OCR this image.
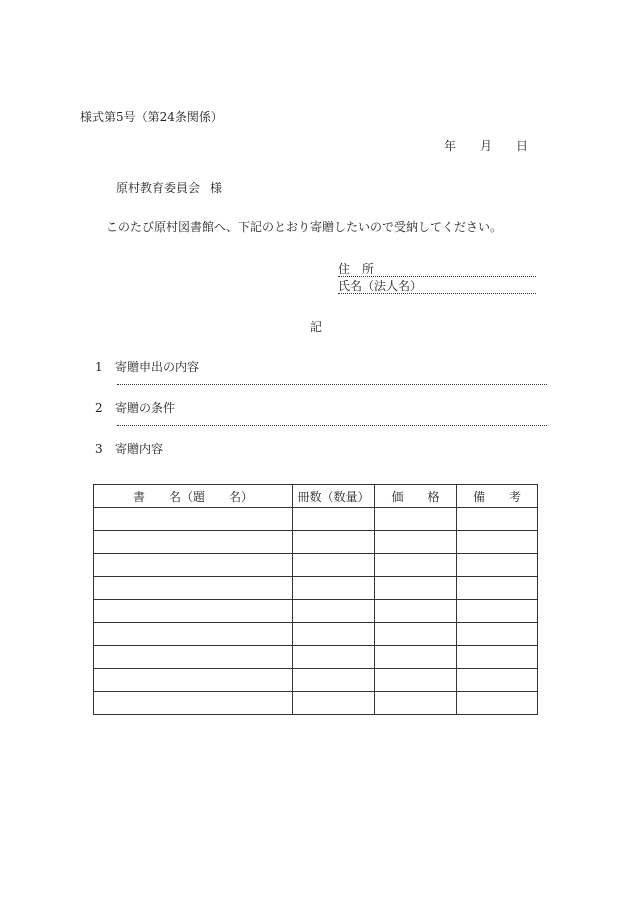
様式第5号（第24条関係）
年 月 日
原村教育委員会 様
このたび原村図書館へ、下記のとおり寄贈したいので受納してください。
住　所
氏名（法人名）
記
1 寄贈申出の内容
2 寄贈の条件
3 寄贈内容
書　　名（題　　名）	冊数（数量）	価　　格	備　　考
